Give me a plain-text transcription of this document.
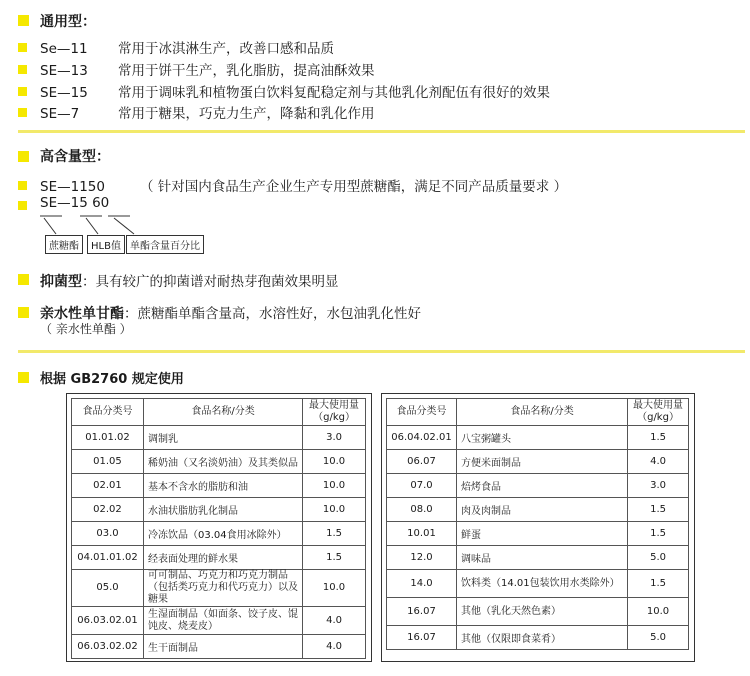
通用型：
Se—11 常用于冰淇淋生产，改善口感和品质
SE—13 常用于饼干生产，乳化脂肪，提高油酥效果
SE—15 常用于调味乳和植物蛋白饮料复配稳定剂与其他乳化剂配伍有很好的效果
SE—7	常用于糖果，巧克力生产，降黏和乳化作用
高含量型：
SE—1150	（ 针对国内食品生产企业生产专用型蔗糖酯，满足不同产品质量要求 ）
SE—15 60
蔗糖酯	HLB值 单酯含量百分比
抑菌型：具有较广的抑菌谱对耐热芽孢菌效果明显
亲水性单甘酯：蔗糖酯单酯含量高，水溶性好，水包油乳化性好
（ 亲水性单酯 ）
根据 GB2760 规定使用
食品分类号	食品名称/分类	最大使用量
（g/kg）
01.01.02	调制乳	3.0
01.05	稀奶油（又名淡奶油）及其类似品	10.0
02.01	基本不含水的脂肪和油	10.0
02.02	水油状脂肪乳化制品	10.0
03.0	冷冻饮品（03.04食用冰除外）	1.5
04.01.01.02	经表面处理的鲜水果	1.5
05.0	可可制品、巧克力和巧克力制品
（包括类巧克力和代巧克力）以及糖果	10.0
06.03.02.01	生湿面制品（如面条、饺子皮、馄
饨皮、烧麦皮）	4.0
06.03.02.02	生干面制品	4.0
食品分类号	食品名称/分类	最大使用量
（g/kg）
06.04.02.01	八宝粥罐头	1.5
06.07	方便米面制品	4.0
07.0	焙烤食品	3.0
08.0	肉及肉制品	1.5
10.01	鲜蛋	1.5
12.0	调味品	5.0
14.0	饮料类（14.01包装饮用水类除外）	1.5
16.07	其他（乳化天然色素）	10.0
16.07	其他（仅限即食菜肴）	5.0
